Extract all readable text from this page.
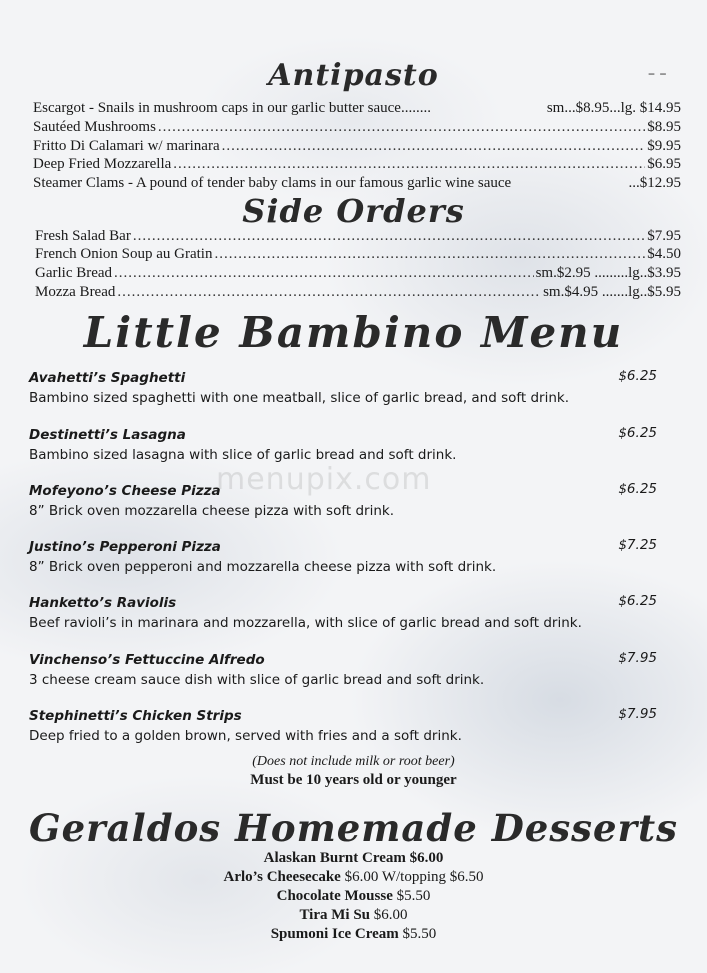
Antipasto	– –
Escargot - Snails in mushroom caps in our garlic butter sauce........	sm...$8.95...lg. $14.95
Sautéed Mushrooms .....	$8.95
Fritto Di Calamari w/ marinara .....	$9.95
Deep Fried Mozzarella .....	$6.95
Steamer Clams - A pound of tender baby clams in our famous garlic wine sauce	...$12.95
Side Orders
Fresh Salad Bar .....	$7.95
French Onion Soup au Gratin .....	$4.50
Garlic Bread .....	sm.$2.95 .........lg..$3.95
Mozza Bread .....	sm.$4.95 .......lg..$5.95
Little Bambino Menu
menupix.com
Avahetti’s Spaghetti	$6.25
Bambino sized spaghetti with one meatball, slice of garlic bread, and soft drink.
Destinetti’s Lasagna	$6.25
Bambino sized lasagna with slice of garlic bread and soft drink.
Mofeyono’s Cheese Pizza	$6.25
8” Brick oven mozzarella cheese pizza with soft drink.
Justino’s Pepperoni Pizza	$7.25
8” Brick oven pepperoni and mozzarella cheese pizza with soft drink.
Hanketto’s Raviolis	$6.25
Beef ravioli’s in marinara and mozzarella, with slice of garlic bread and soft drink.
Vinchenso’s Fettuccine Alfredo	$7.95
3 cheese cream sauce dish with slice of garlic bread and soft drink.
Stephinetti’s Chicken Strips	$7.95
Deep fried to a golden brown, served with fries and a soft drink.
(Does not include milk or root beer)
Must be 10 years old or younger
Geraldos Homemade Desserts
Alaskan Burnt Cream $6.00
Arlo’s Cheesecake $6.00 W/topping $6.50
Chocolate Mousse $5.50
Tira Mi Su $6.00
Spumoni Ice Cream $5.50
